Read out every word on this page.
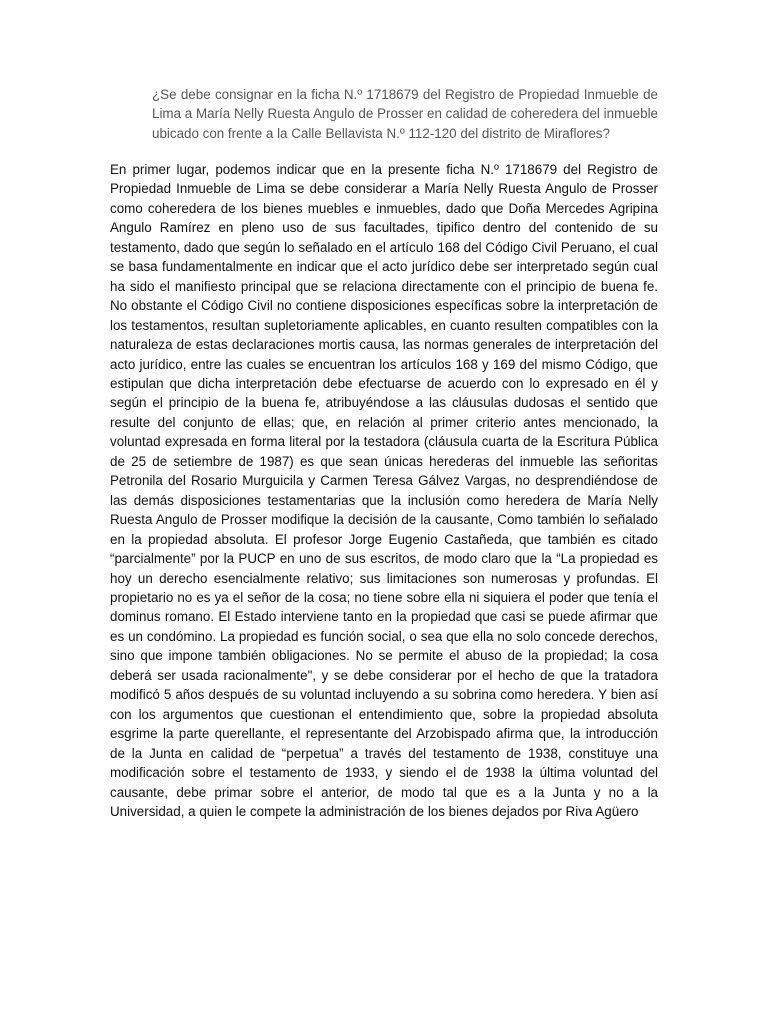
¿Se debe consignar en la ficha N.º 1718679 del Registro de Propiedad Inmueble de Lima a María Nelly Ruesta Angulo de Prosser en calidad de coheredera del inmueble ubicado con frente a la Calle Bellavista N.º 112-120 del distrito de Miraflores?

En primer lugar, podemos indicar que en la presente ficha N.º 1718679 del Registro de Propiedad Inmueble de Lima se debe considerar a María Nelly Ruesta Angulo de Prosser como coheredera de los bienes muebles e inmuebles, dado que Doña Mercedes Agripina Angulo Ramírez en pleno uso de sus facultades, tipifico dentro del contenido de su testamento, dado que según lo señalado en el artículo 168 del Código Civil Peruano, el cual se basa fundamentalmente en indicar que el acto jurídico debe ser interpretado según cual ha sido el manifiesto principal que se relaciona directamente con el principio de buena fe. No obstante el Código Civil no contiene disposiciones específicas sobre la interpretación de los testamentos, resultan supletoriamente aplicables, en cuanto resulten compatibles con la naturaleza de estas declaraciones mortis causa, las normas generales de interpretación del acto jurídico, entre las cuales se encuentran los artículos 168 y 169 del mismo Código, que estipulan que dicha interpretación debe efectuarse de acuerdo con lo expresado en él y según el principio de la buena fe, atribuyéndose a las cláusulas dudosas el sentido que resulte del conjunto de ellas; que, en relación al primer criterio antes mencionado, la voluntad expresada en forma literal por la testadora (cláusula cuarta de la Escritura Pública de 25 de setiembre de 1987) es que sean únicas herederas del inmueble las señoritas Petronila del Rosario Murguicila y Carmen Teresa Gálvez Vargas, no desprendiéndose de las demás disposiciones testamentarias que la inclusión como heredera de María Nelly Ruesta Angulo de Prosser modifique la decisión de la causante, Como también lo señalado en la propiedad absoluta. El profesor Jorge Eugenio Castañeda, que también es citado “parcialmente” por la PUCP en uno de sus escritos, de modo claro que la “La propiedad es hoy un derecho esencialmente relativo; sus limitaciones son numerosas y profundas. El propietario no es ya el señor de la cosa; no tiene sobre ella ni siquiera el poder que tenía el dominus romano. El Estado interviene tanto en la propiedad que casi se puede afirmar que es un condómino. La propiedad es función social, o sea que ella no solo concede derechos, sino que impone también obligaciones. No se permite el abuso de la propiedad; la cosa deberá ser usada racionalmente", y se debe considerar por el hecho de que la tratadora modificó 5 años después de su voluntad incluyendo a su sobrina como heredera. Y bien así con los argumentos que cuestionan el entendimiento que, sobre la propiedad absoluta esgrime la parte querellante, el representante del Arzobispado afirma que, la introducción de la Junta en calidad de “perpetua” a través del testamento de 1938, constituye una modificación sobre el testamento de 1933, y siendo el de 1938 la última voluntad del causante, debe primar sobre el anterior, de modo tal que es a la Junta y no a la Universidad, a quien le compete la administración de los bienes dejados por Riva Agüero
